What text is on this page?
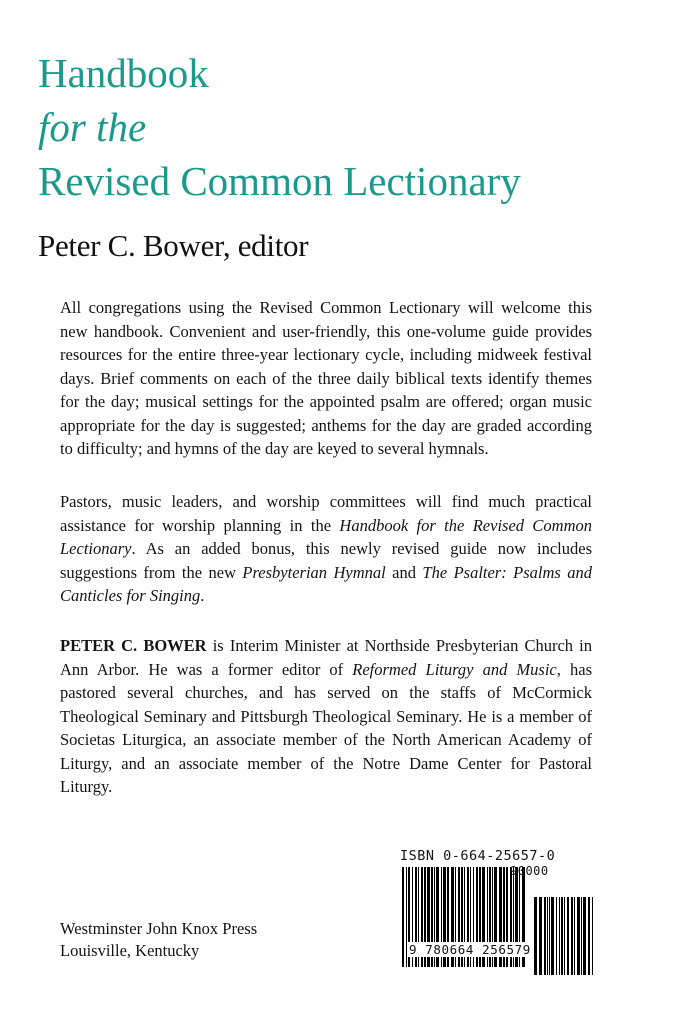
Handbook
for the
Revised Common Lectionary
Peter C. Bower, editor

All congregations using the Revised Common Lectionary will welcome this new handbook. Convenient and user-friendly, this one-volume guide provides resources for the entire three-year lectionary cycle, including midweek festival days. Brief comments on each of the three daily biblical texts identify themes for the day; musical settings for the appointed psalm are offered; organ music appropriate for the day is suggested; anthems for the day are graded according to difficulty; and hymns of the day are keyed to several hymnals.

Pastors, music leaders, and worship committees will find much practical assistance for worship planning in the Handbook for the Revised Common Lectionary. As an added bonus, this newly revised guide now includes suggestions from the new Presbyterian Hymnal and The Psalter: Psalms and Canticles for Singing.

PETER C. BOWER is Interim Minister at Northside Presbyterian Church in Ann Arbor. He was a former editor of Reformed Liturgy and Music, has pastored several churches, and has served on the staffs of McCormick Theological Seminary and Pittsburgh Theological Seminary. He is a member of Societas Liturgica, an associate member of the North American Academy of Liturgy, and an associate member of the Notre Dame Center for Pastoral Liturgy.

Westminster John Knox Press
Louisville, Kentucky
ISBN 0-664-25657-0
9 780664 256579
90000
